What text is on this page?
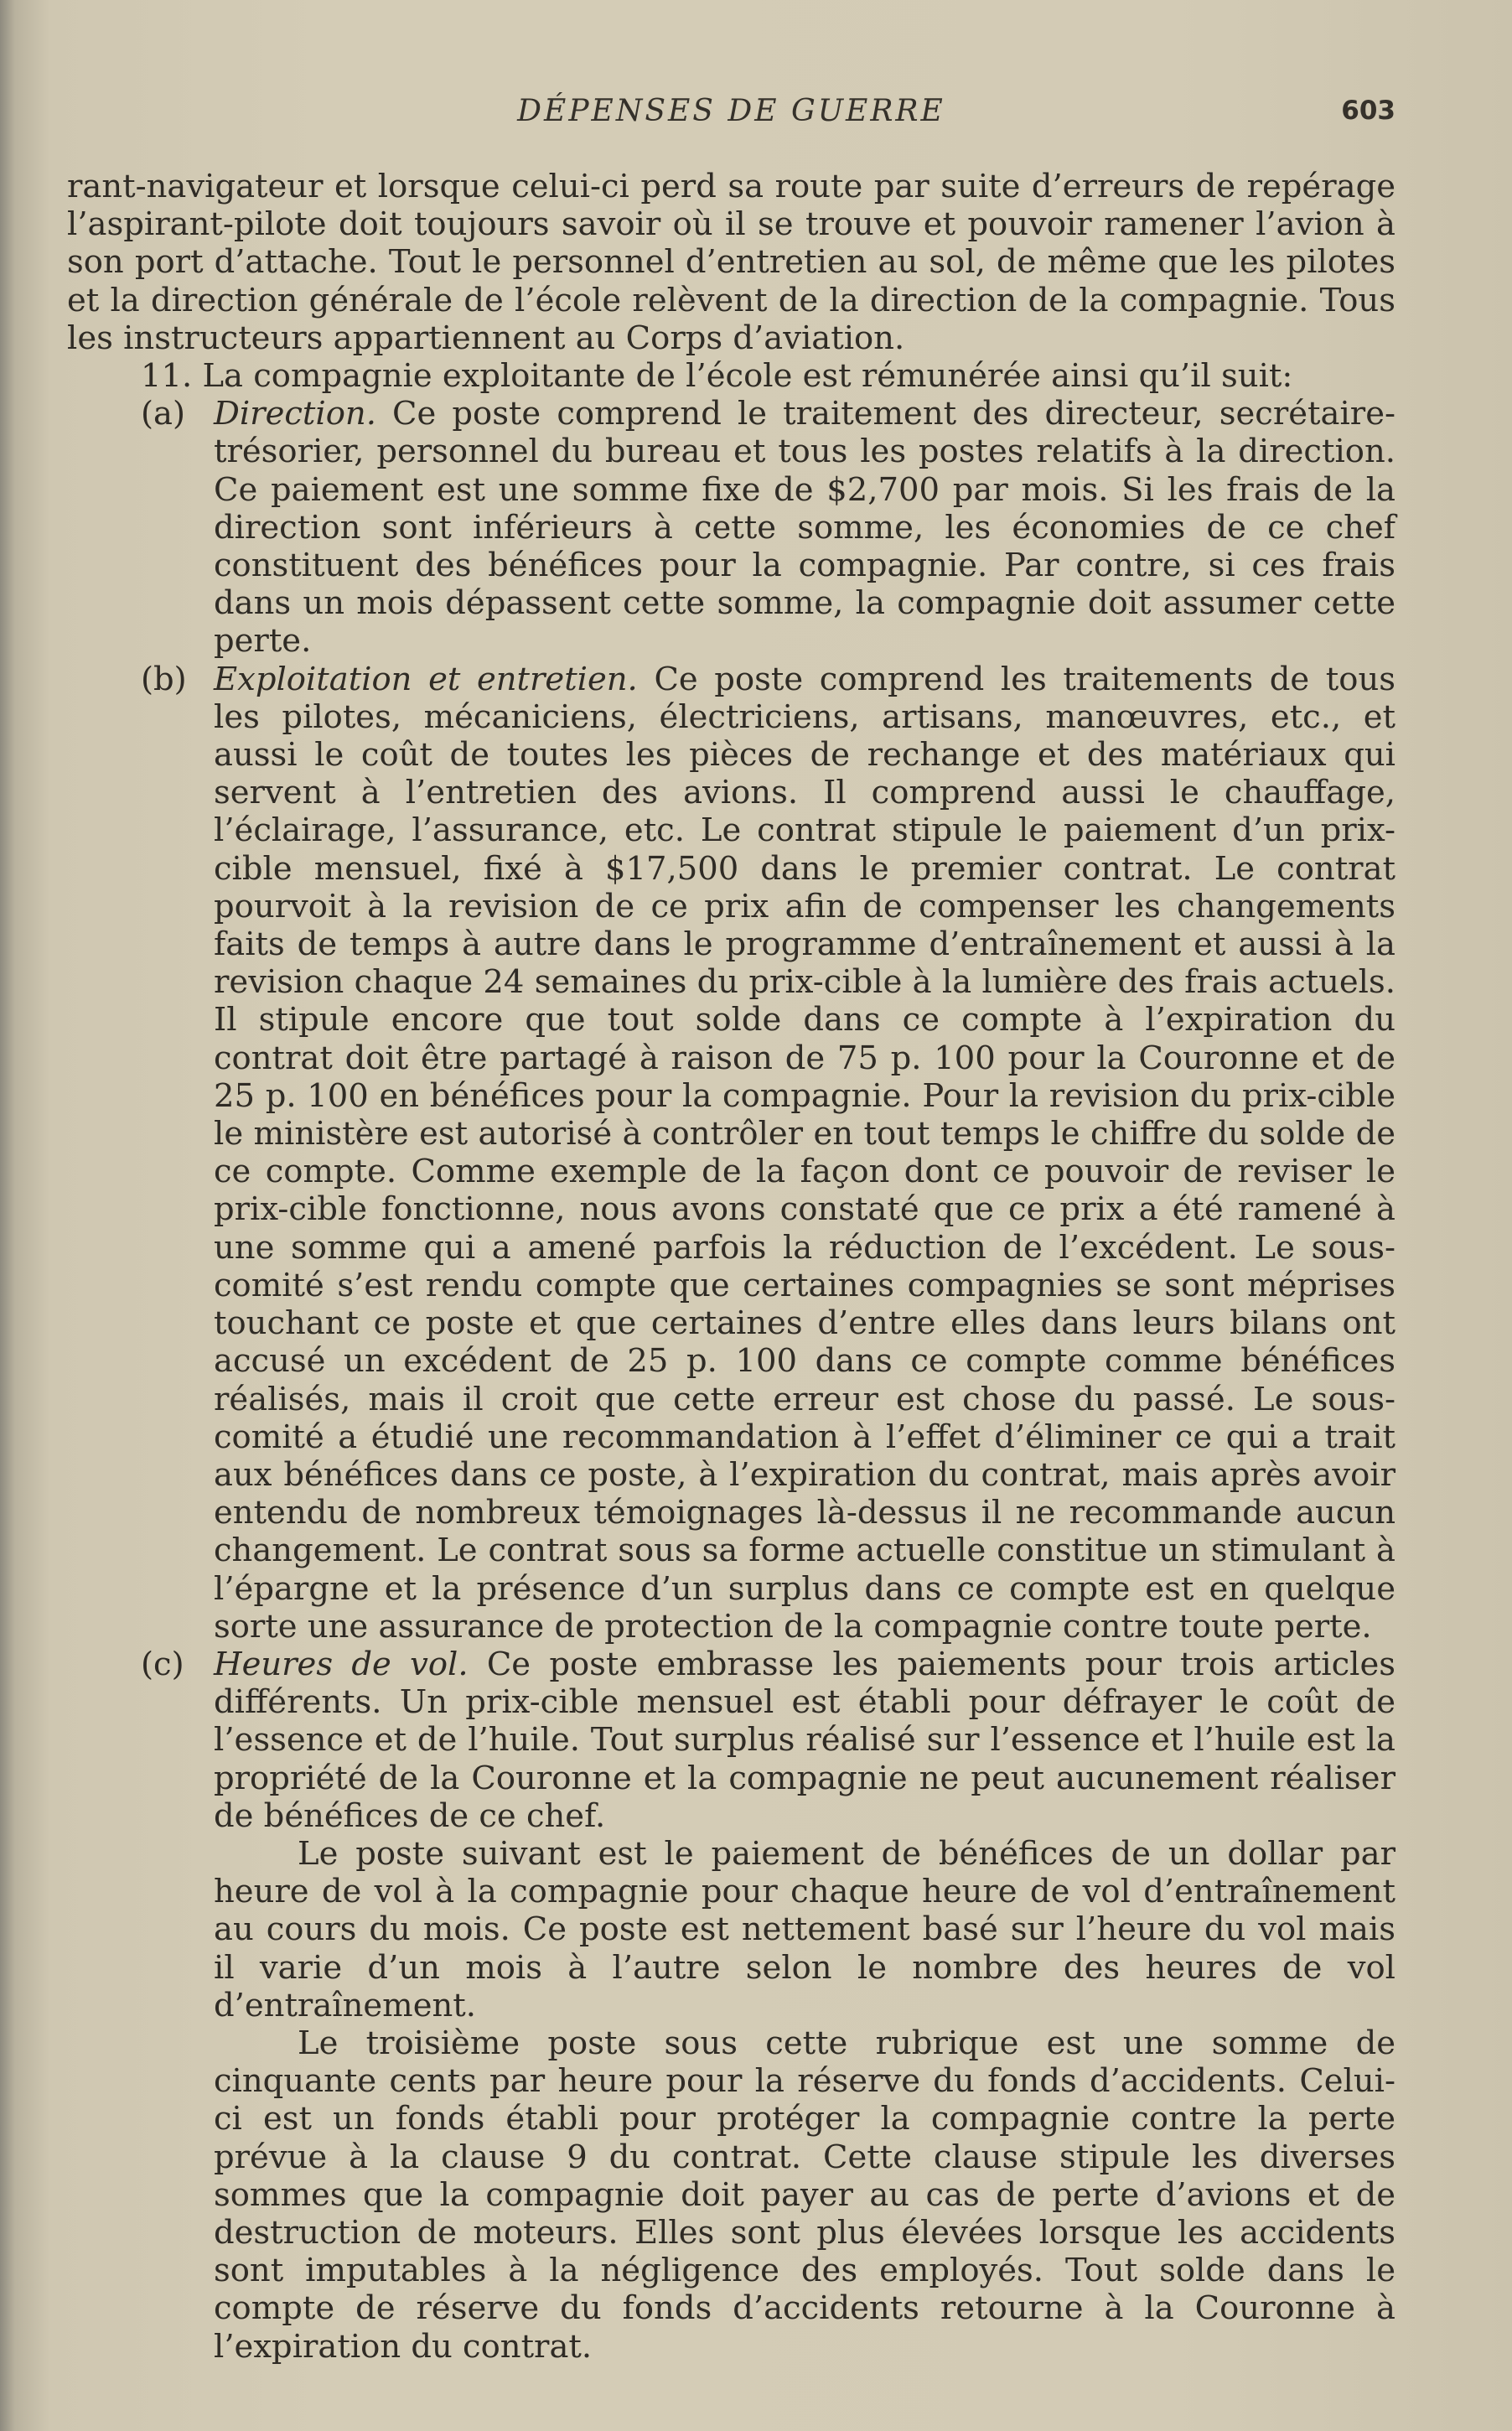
DÉPENSES DE GUERRE	603

rant-navigateur et lorsque celui-ci perd sa route par suite d’erreurs de repérage l’aspirant-pilote doit toujours savoir où il se trouve et pouvoir ramener l’avion à son port d’attache. Tout le personnel d’entretien au sol, de même que les pilotes et la direction générale de l’école relèvent de la direction de la compagnie. Tous les instructeurs appartiennent au Corps d’aviation.

11. La compagnie exploitante de l’école est rémunérée ainsi qu’il suit:

(a) Direction. Ce poste comprend le traitement des directeur, secrétaire-trésorier, personnel du bureau et tous les postes relatifs à la direction. Ce paiement est une somme fixe de $2,700 par mois. Si les frais de la direction sont inférieurs à cette somme, les économies de ce chef constituent des bénéfices pour la compagnie. Par contre, si ces frais dans un mois dépassent cette somme, la compagnie doit assumer cette perte.

(b) Exploitation et entretien. Ce poste comprend les traitements de tous les pilotes, mécaniciens, électriciens, artisans, manœuvres, etc., et aussi le coût de toutes les pièces de rechange et des matériaux qui servent à l’entretien des avions. Il comprend aussi le chauffage, l’éclairage, l’assurance, etc. Le contrat stipule le paiement d’un prix-cible mensuel, fixé à $17,500 dans le premier contrat. Le contrat pourvoit à la revision de ce prix afin de compenser les changements faits de temps à autre dans le programme d’entraînement et aussi à la revision chaque 24 semaines du prix-cible à la lumière des frais actuels. Il stipule encore que tout solde dans ce compte à l’expiration du contrat doit être partagé à raison de 75 p. 100 pour la Couronne et de 25 p. 100 en bénéfices pour la compagnie. Pour la revision du prix-cible le ministère est autorisé à contrôler en tout temps le chiffre du solde de ce compte. Comme exemple de la façon dont ce pouvoir de reviser le prix-cible fonctionne, nous avons constaté que ce prix a été ramené à une somme qui a amené parfois la réduction de l’excédent. Le sous-comité s’est rendu compte que certaines compagnies se sont méprises touchant ce poste et que certaines d’entre elles dans leurs bilans ont accusé un excédent de 25 p. 100 dans ce compte comme bénéfices réalisés, mais il croit que cette erreur est chose du passé. Le sous-comité a étudié une recommandation à l’effet d’éliminer ce qui a trait aux bénéfices dans ce poste, à l’expiration du contrat, mais après avoir entendu de nombreux témoignages là-dessus il ne recommande aucun changement. Le contrat sous sa forme actuelle constitue un stimulant à l’épargne et la présence d’un surplus dans ce compte est en quelque sorte une assurance de protection de la compagnie contre toute perte.

(c) Heures de vol. Ce poste embrasse les paiements pour trois articles différents. Un prix-cible mensuel est établi pour défrayer le coût de l’essence et de l’huile. Tout surplus réalisé sur l’essence et l’huile est la propriété de la Couronne et la compagnie ne peut aucunement réaliser de bénéfices de ce chef.

Le poste suivant est le paiement de bénéfices de un dollar par heure de vol à la compagnie pour chaque heure de vol d’entraînement au cours du mois. Ce poste est nettement basé sur l’heure du vol mais il varie d’un mois à l’autre selon le nombre des heures de vol d’entraînement.

Le troisième poste sous cette rubrique est une somme de cinquante cents par heure pour la réserve du fonds d’accidents. Celui-ci est un fonds établi pour protéger la compagnie contre la perte prévue à la clause 9 du contrat. Cette clause stipule les diverses sommes que la compagnie doit payer au cas de perte d’avions et de destruction de moteurs. Elles sont plus élevées lorsque les accidents sont imputables à la négligence des employés. Tout solde dans le compte de réserve du fonds d’accidents retourne à la Couronne à l’expiration du contrat.
